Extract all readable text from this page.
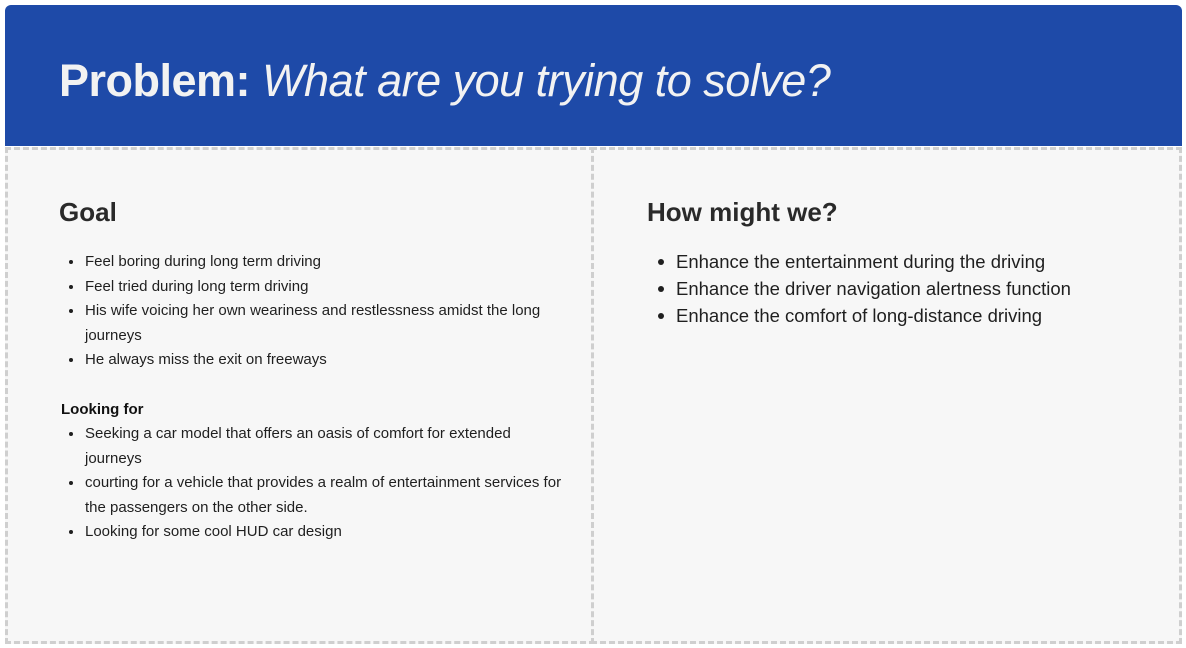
Problem: What are you trying to solve?
Goal
Feel boring during long term driving
Feel tried during long term driving
His wife voicing her own weariness and restlessness amidst the long journeys
He always miss the exit on freeways

Looking for

Seeking a car model that offers an oasis of comfort for extended journeys
courting for a vehicle that provides a realm of entertainment services for the passengers on the other side.
Looking for some cool HUD car design
How might we?
Enhance the entertainment during the driving
Enhance the driver navigation alertness function
Enhance the comfort of long-distance driving
